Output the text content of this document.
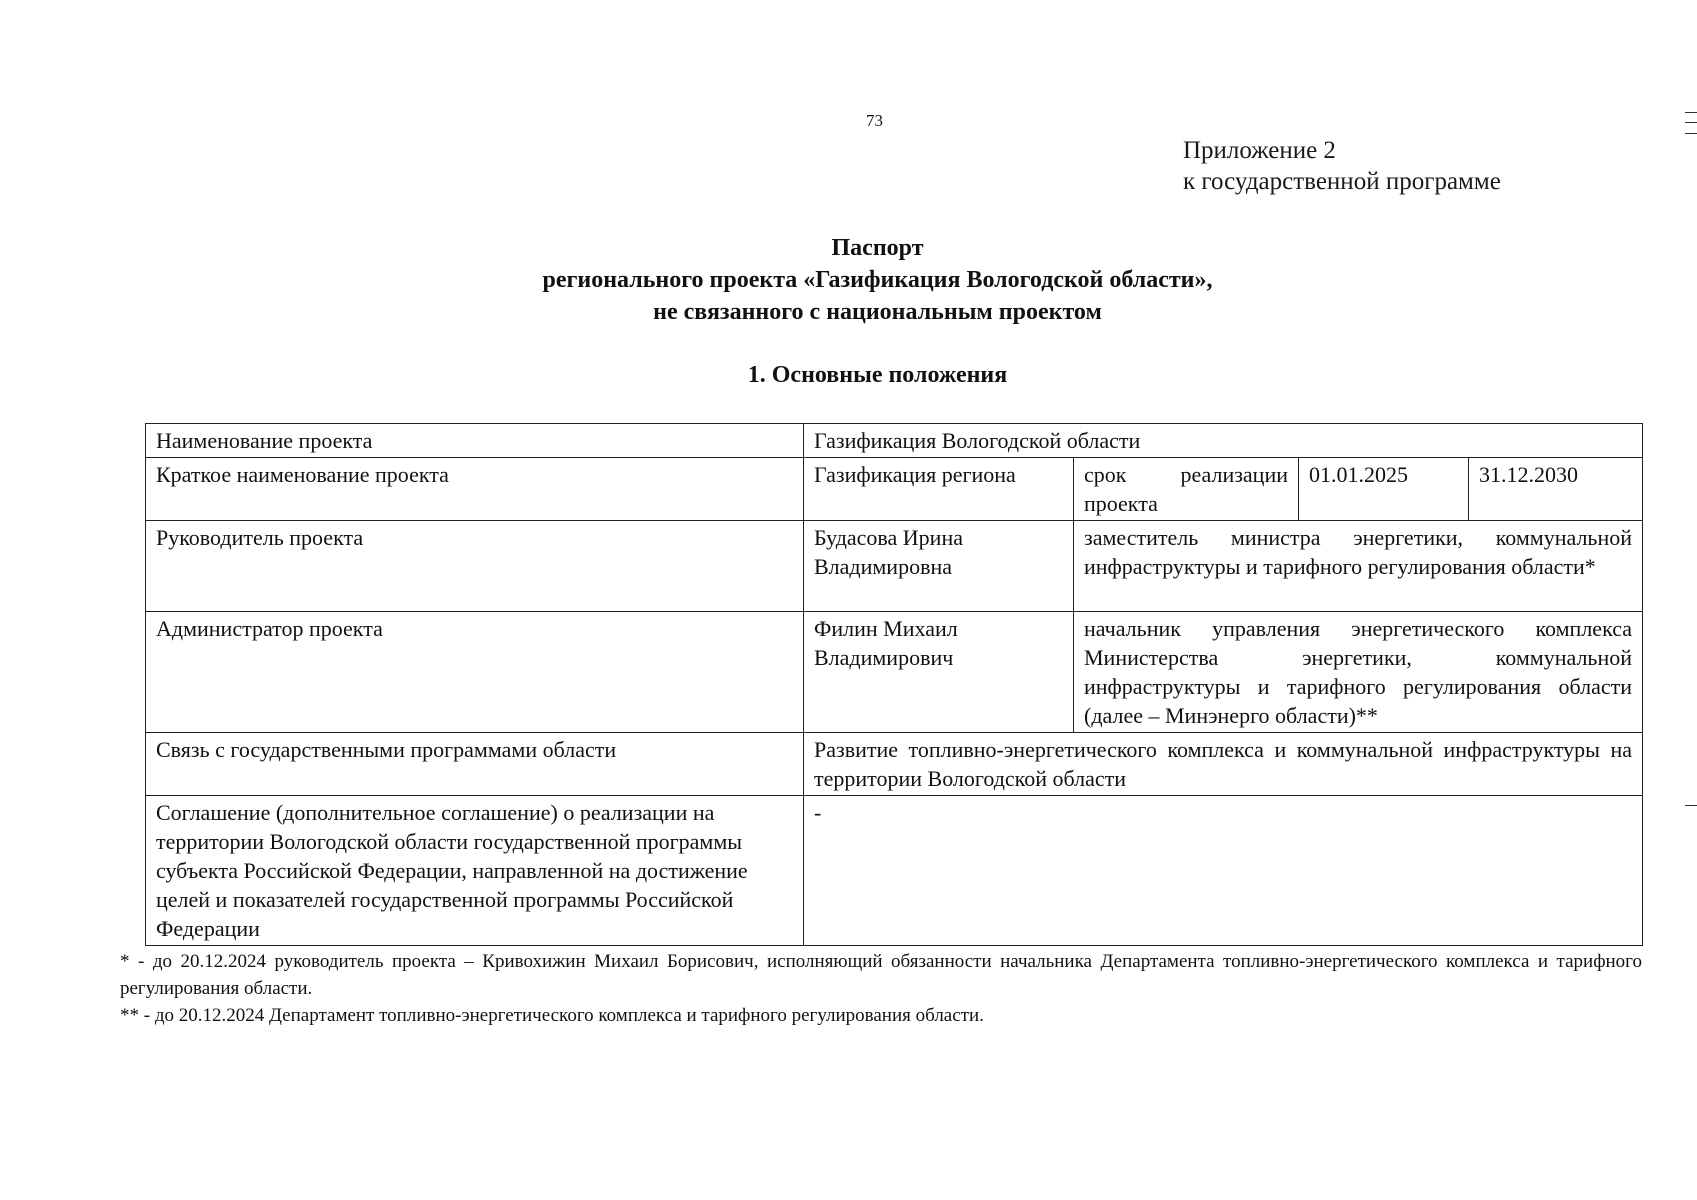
73
Приложение 2
к государственной программе
Паспорт
регионального проекта «Газификация Вологодской области»,
не связанного с национальным проектом
1. Основные положения
Наименование проекта	Газификация Вологодской области			
Краткое наименование проекта	Газификация региона	срок реализации проекта	01.01.2025	31.12.2030
Руководитель проекта	Будасова Ирина Владимировна	заместитель министра энергетики, коммунальной инфраструктуры и тарифного регулирования области*		
Администратор проекта	Филин Михаил Владимирович	начальник управления энергетического комплекса Министерства энергетики, коммунальной инфраструктуры и тарифного регулирования области (далее – Минэнерго области)**		
Связь с государственными программами области	Развитие топливно-энергетического комплекса и коммунальной инфраструктуры на территории Вологодской области			
Соглашение (дополнительное соглашение) о реализации на территории Вологодской области государственной программы субъекта Российской Федерации, направленной на достижение целей и показателей государственной программы Российской Федерации	-			

* - до 20.12.2024 руководитель проекта – Кривохижин Михаил Борисович, исполняющий обязанности начальника Департамента топливно-энергетического комплекса и тарифного регулирования области.

** - до 20.12.2024 Департамент топливно-энергетического комплекса и тарифного регулирования области.
